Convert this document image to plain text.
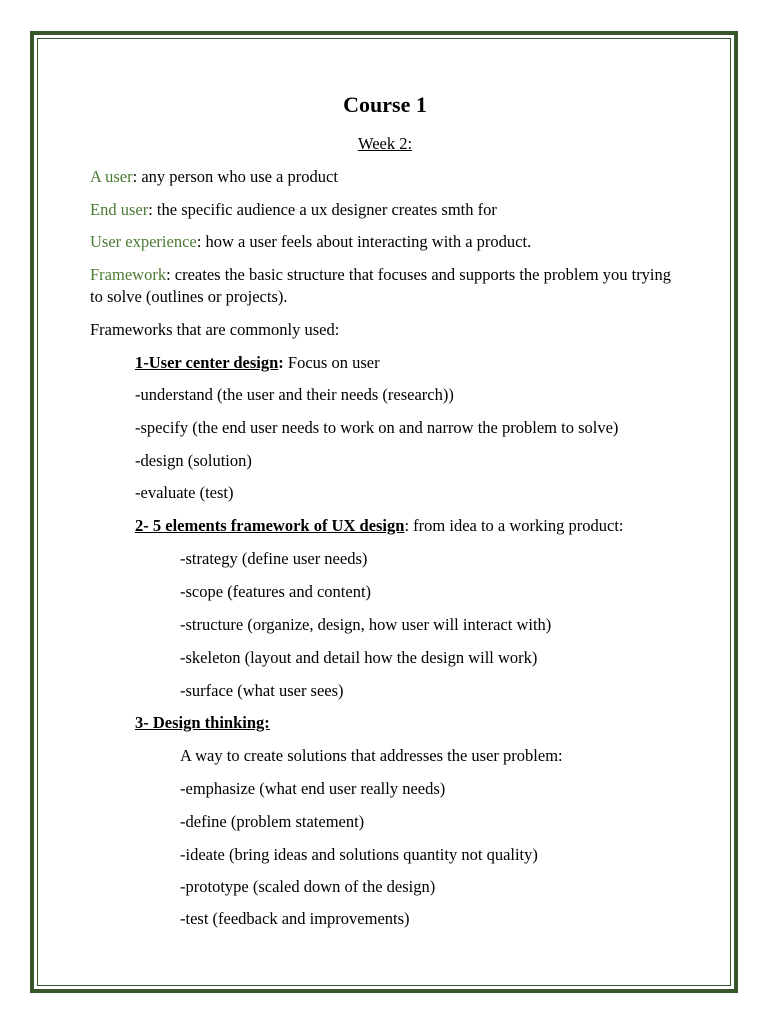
Course 1
Week 2:
A user: any person who use a product
End user: the specific audience a ux designer creates smth for
User experience: how a user feels about interacting with a product.
Framework: creates the basic structure that focuses and supports the problem you trying to solve (outlines or projects).
Frameworks that are commonly used:
1-User center design: Focus on user
-understand (the user and their needs (research))
-specify (the end user needs to work on and narrow the problem to solve)
-design (solution)
-evaluate (test)
2- 5 elements framework of UX design: from idea to a working product:
-strategy (define user needs)
-scope (features and content)
-structure (organize, design, how user will interact with)
-skeleton (layout and detail how the design will work)
-surface (what user sees)
3- Design thinking:
A way to create solutions that addresses the user problem:
-emphasize (what end user really needs)
-define (problem statement)
-ideate (bring ideas and solutions quantity not quality)
-prototype (scaled down of the design)
-test (feedback and improvements)
